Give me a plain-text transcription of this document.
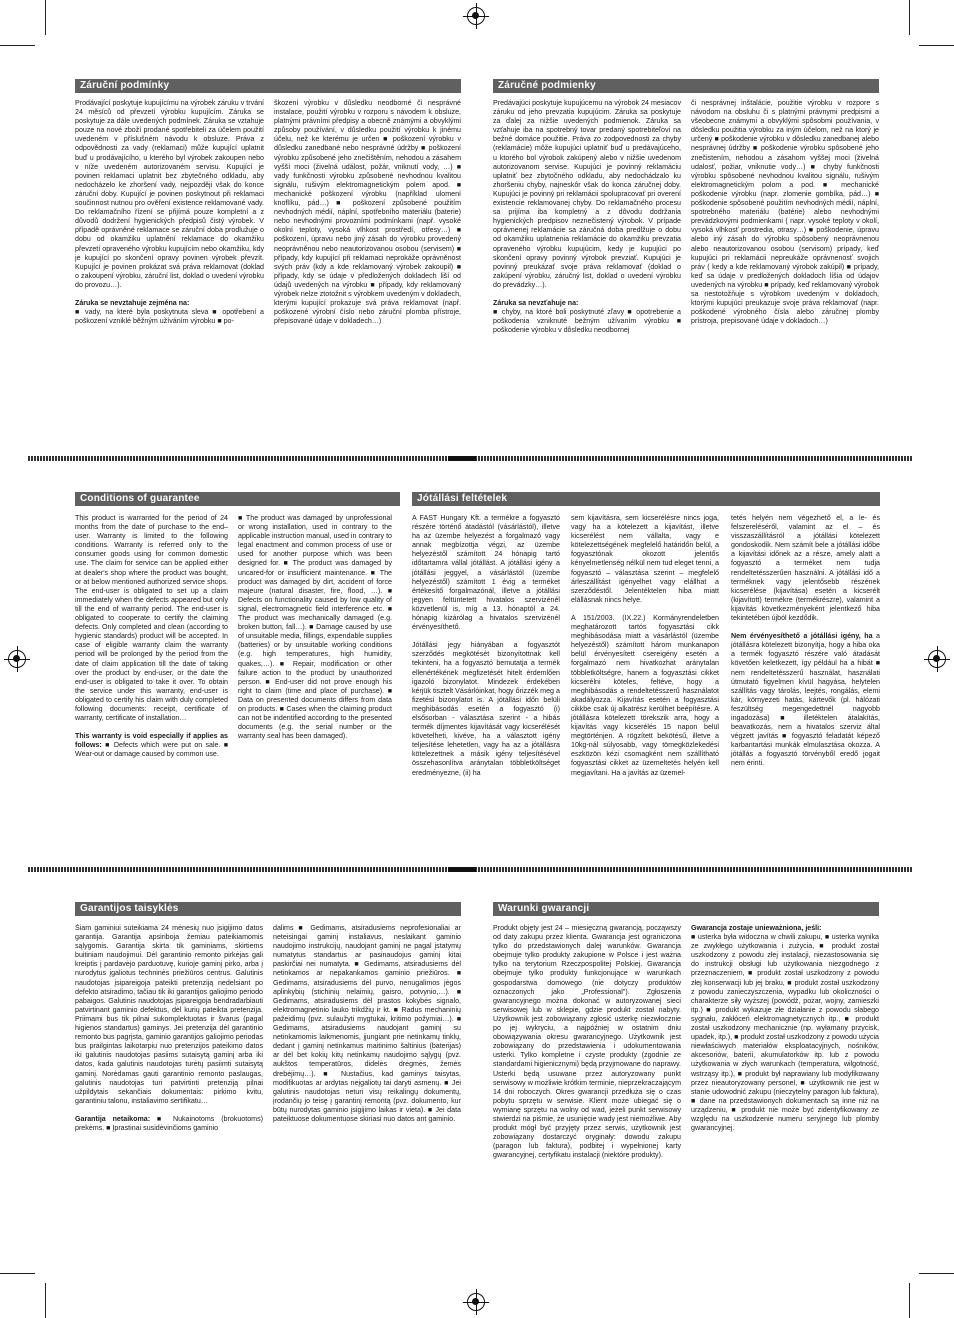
Záruční podmínky

Prodávající poskytuje kupujícímu na výrobek záruku v trvání 24 měsíců od převzetí výrobku kupujícím. Záruka se poskytuje za dále uvedených podmínek. Záruka se vztahuje pouze na nové zboží prodané spotřebiteli za účelem použití uvedeném v příslušném návodu k obsluze. Práva z odpovědnosti za vady (reklamaci) může kupující uplatnit buď u prodávajícího, u kterého byl výrobek zakoupen nebo v níže uvedeném autorizovaném servisu. Kupující je povinen reklamaci uplatnit bez zbytečného odkladu, aby nedocházelo ke zhoršení vady, nejpozději však do konce záruční doby. Kupující je povinen poskytnout při reklamaci součinnost nutnou pro ověření existence reklamované vady. Do reklamačního řízení se přijímá pouze kompletní a z důvodů dodržení hygienických předpisů čistý výrobek. V případě oprávněné reklamace se záruční doba prodlužuje o dobu od okamžiku uplatnění reklamace do okamžiku převzetí opraveného výrobku kupujícím nebo okamžiku, kdy je kupující po skončení opravy povinen výrobek převzít. Kupující je povinen prokázat svá práva reklamovat (doklad o zakoupení výrobku, záruční list, doklad o uvedení výrobku do provozu…).

Záruka se nevztahuje zejména na:
■ vady, na které byla poskytnuta sleva ■ opotřebení a poškození vzniklé běžným užíváním výrobku ■ po-

škození výrobku v důsledku neodborné či nesprávné instalace, použití výrobku v rozporu s návodem k obsluze, platnými právními předpisy a obecně známými a obvyklými způsoby používání, v důsledku použití výrobku k jinému účelu, než ke kterému je určen ■ poškození výrobku v důsledku zanedbané nebo nesprávné údržby ■ poškození výrobku způsobené jeho znečištěním, nehodou a zásahem vyšší moci (živelná událost, požár, vniknutí vody, …) ■ vady funkčnosti výrobku způsobené nevhodnou kvalitou signálu, rušivým elektromagnetickým polem apod. ■ mechanické poškození výrobku (například ulomení knoflíku, pád…) ■ poškození způsobené použitím nevhodných médií, náplní, spotřebního materiálu (baterie) nebo nevhodnými provozními podmínkami (např. vysoké okolní teploty, vysoká vlhkost prostředí, otřesy…) ■ poškození, úpravu nebo jiný zásah do výrobku provedený neoprávněnou nebo neautorizovanou osobou (servisem) ■ případy, kdy kupující při reklamaci neprokáže oprávněnost svých práv (kdy a kde reklamovaný výrobek zakoupil) ■ případy, kdy se údaje v předložených dokladech liší od údajů uvedených na výrobku ■ případy, kdy reklamovaný výrobek nelze ztotožnit s výrobkem uvedeným v dokladech, kterými kupující prokazuje svá práva reklamovat (např. poškozené výrobní číslo nebo záruční plomba přístroje, přepisované údaje v dokladech…)

Záručné podmienky

Predávajúci poskytuje kupujúcemu na výrobok 24 mesiacov záruku od jeho prevzatia kupujúcim. Záruka sa poskytuje za ďalej za nižšie uvedených podmienok. Záruka sa vzťahuje iba na spotrebný tovar predaný spotrebiteľovi na bežné domáce použitie. Práva zo zodpovednosti za chyby (reklamácie) môže kupujúci uplatniť buď u predávajúceho, u ktorého bol výrobok zakúpený alebo v nižšie uvedenom autorizovanom servise. Kupujúci je povinný reklamáciu uplatniť bez zbytočného odkladu, aby nedochádzalo ku zhoršeniu chyby, najneskôr však do konca záručnej doby. Kupujúci je povinný pri reklamácii spolupracovať pri overení existencie reklamovanej chyby. Do reklamačného procesu sa prijíma iba kompletný a z dôvodu dodržania hygienických predpisov neznečistený výrobok. V prípade oprávnenej reklamácie sa záručná doba predlžuje o dobu od okamžiku uplatnenia reklamácie do okamžiku prevzatia opraveného výrobku kupujúcim, kedy je kupujúci po skončení opravy povinný výrobok prevziať. Kupujúci je povinný preukázať svoje práva reklamovať (doklad o zakúpení výrobku, záručný list, doklad o uvedení výrobku do prevádzky…).

Záruka sa nevzťahuje na:
■ chyby, na ktoré boli poskytnuté zľavy ■ opotrebenie a poškodenia vzniknuté bežným užívaním výrobku ■ poškodenie výrobku v dôsledku neodbornej

či nesprávnej inštalácie, použitie výrobku v rozpore s návodom na obsluhu či s platnými právnymi predpismi a všeobecne známymi a obvyklými spôsobmi používania, v dôsledku použitia výrobku za iným účelom, než na ktorý je určený ■ poškodenie výrobku v dôsledku zanedbanej alebo nesprávnej údržby ■ poškodenie výrobku spôsobené jeho znečistením, nehodou a zásahom vyššej moci (živelná udalosť, požiar, vniknutie vody…) ■ chyby funkčnosti výrobku spôsobené nevhodnou kvalitou signálu, rušivým elektromagnetickým polom a pod. ■ mechanické poškodenie výrobku (napr. zlomenie gombíka, pád…) ■ poškodenie spôsobené použitím nevhodných médií, náplní, spotrebného materiálu (batérie) alebo nevhodnými prevádzkovými podmienkami ( napr. vysoké teploty v okolí, vysoká vlhkosť prostredia, otrasy…) ■ poškodenie, úpravu alebo iný zásah do výrobku spôsobený neoprávnenou alebo neautorizovanou osobou (servisom) prípady, keď kupujúci pri reklamácii nepreukáže oprávnenosť svojich práv ( kedy a kde reklamovaný výrobok zakúpil) ■ prípady, keď sa údaje v predložených dokladoch líšia od údajov uvedených na výrobku ■ prípady, keď reklamovaný výrobok sa nestotožňuje s výrobkom uvedeným v dokladoch, ktorými kupujúci preukazuje svoje práva reklamovať (napr. poškodené výrobného čísla alebo záručnej plomby prístroja, prepisované údaje v dokladoch…)

Conditions of guarantee

This product is warranted for the period of 24 months from the date of purchase to the end–user. Warranty is limited to the following conditions. Warranty is referred only to the consumer goods using for common domestic use. The claim for service can be applied either at dealer's shop where the product was bought, or at below mentioned authorized service shops. The end-user is obligated to set up a claim immediately when the defects appeared but only till the end of warranty period. The end-user is obligated to cooperate to certify the claiming defects. Only completed and clean (according to hygienic standards) product will be accepted. In case of eligible warranty claim the warranty period will be prolonged by the period from the date of claim application till the date of taking over the product by end-user, or the date the end-user is obligated to take it over. To obtain the service under this warranty, end-user is obligated to certify his claim with duly completed following documents: receipt, certificate of warranty, certificate of installation…

This warranty is void especially if applies as follows: ■ Defects which were put on sale. ■ Wear-out or damage caused by common use.

■ The product was damaged by unprofessional or wrong installation, used in contrary to the applicable instruction manual, used in contrary to legal enactment and common process of use or used for another purpose which was been designed for. ■ The product was damaged by uncared-for or insufficient maintenance. ■ The product was damaged by dirt, accident of force majeure (natural disaster, fire, flood, …). ■ Defects on functionality caused by low quality of signal, electromagnetic field interference etc. ■ The product was mechanically damaged (e.g. broken button, fall…). ■ Damage caused by use of unsuitable media, fillings, expendable supplies (batteries) or by unsuitable working conditions (e.g. high temperatures, high humidity, quakes,…). ■ Repair, modification or other failure action to the product by unauthorized person. ■ End-user did not prove enough his right to claim (time and place of purchase). ■ Data on presented documents differs from data on products. ■ Cases when the claiming product can not be indentified according to the presented documents (e.g. the serial number or the warranty seal has been damaged).

Jótállási feltételek

A FAST Hungary Kft. a termékre a fogyasztó részére történő átadástól (vásárlástól), illetve ha az üzembe helyezést a forgalmazó vagy annak megbízottja végzi, az üzembe helyezéstől számított 24 hónapig tartó időtartamra vállal jótállást. A jótállási igény a jótállási jeggyel, a vásárlástól (üzembe helyezéstől) számított 1 évig a terméket értékesítő forgalmazónál, illetve a jótállási jegyen feltüntetett hivatalos szervizénél közvetlenül is, míg a 13. hónaptól a 24. hónapig kizárólag a hivatalos szervizénél érvényesíthető.

Jótállási jegy hiányában a fogyasztót szerződés megkötését bizonyítottnak kell tekinteni, ha a fogyasztó bemutatja a termék ellenértékének megfizetését hitelt érdemlően igazoló bizonylatot. Mindezek érdekében kérjük tisztelt Vásárlóinkat, hogy őrizzék meg a fizetési bizonylatot is. A jótállási időn belüli meghibásodás esetén a fogyasztó (i) elsősorban - választása szerint - a hibás termék díjmentes kijavítását vagy kicserélését követelheti, kivéve, ha a választott igény teljesítése lehetetlen, vagy ha az a jótállásra kötelezettnek a másik igény teljesítésével összehasonlítva aránytalan többletköltséget eredményezne, (ii) ha

sem kijavításra, sem kicserélésre nincs joga, vagy ha a kötelezett a kijavítást, illetve kicserélést nem vállalta, vagy e kötelezettségének megfelelő határidőn belül, a fogyasztónak okozott jelentős kényelmetlenség nélkül nem tud eleget tenni, a fogyasztó – választása szerint – megfelelő árleszállítást igényelhet vagy elállhat a szerződéstől. Jelentéktelen hiba miatt elállásnak nincs helye.

A 151/2003. (IX.22.) Kormányrendeletben meghatározott tartós fogyasztási cikk meghibásodása miatt a vásárlástól (üzembe helyezéstől) számított három munkanapon belül érvényesített csereigény esetén a forgalmazó nem hivatkozhat aránytalan többletköltségre, hanem a fogyasztási cikket kicserélni köteles, feltéve, hogy a meghibásodás a rendeltetésszerű használatot akadályozza. Kijavítás esetén a fogyasztási cikkbe csak új alkatrész kerülhet beépítésre. A jótállásra kötelezett törekszik arra, hogy a kijavítás vagy kicserélés 15 napon belül megtörténjen. A rögzített bekötésű, illetve a 10kg-nál súlyosabb, vagy tömegközlekedési eszközön kézi csomagként nem szállítható fogyasztási cikket az üzemeltetés helyén kell megjavítani. Ha a javítás az üzemel-

tetés helyén nem végezhető el, a le- és felszereléséről, valamint az el – és visszaszállításról a jótállási kötelezett gondoskodik. Nem számít bele a jótállási időbe a kijavítási időnek az a része, amely alatt a fogyasztó a terméket nem tudja rendeltetésszerűen használni. A jótállási idő a terméknek vagy jelentősebb részének kicserélése (kijavítása) esetén a kicserélt (kijavított) termékre (termékrészre), valamint a kijavítás következményeként jelentkező hiba tekintetében újból kezdődik.

Nem érvényesíthető a jótállási igény, ha a jótállásra kötelezett bizonyítja, hogy a hiba oka a termék fogyasztó részére való átadását követően keletkezett, így például ha a hibát ■ nem rendeltetésszerű használat, használati útmutató figyelmen kívül hagyása, helytelen szállítás vagy tárolás, leejtés, rongálás, elemi kár, környezeti hatás, kártevők (pl. hálózati feszültség megengedettnél nagyobb ingadozása) ■ illetéktelen átalakítás, beavatkozás, nem a hivatalos szerviz által végzett javítás ■ fogyasztó feladatát képező karbantartási munkák elmulasztása okozza. A jótállás a fogyasztó törvényből eredő jogait nem érinti.
Garantijos taisyklės

Šiam gaminiui suteikiama 24 mėnesių nuo įsigijimo datos garantija. Garantija apsiriboja žemiau pateikiamomis sąlygomis. Garantija skirta tik gaminiams, skirtiems buitiniam naudojimui. Dėl garantinio remonto pirkėjas gali kreiptis į pardavėjo parduotuvę, kurioje gaminį pirko, arba į nurodytus įgaliotus techninės priežiūros centrus. Galutinis naudotojas įsipareigoja pateikti pretenziją nedelsiant po defekto atsiradimo, tačiau tik iki garantijos galiojimo periodo pabaigos. Galutinis naudotojas įsipareigoja bendradarbiauti patvirtinant gaminio defektus, dėl kurių pateikta pretenzija. Priimami bus tik pilnai sukomplektuotas ir švarus (pagal higienos standartus) gaminys. Jei pretenzija dėl garantinio remonto bus pagrįsta, gaminio garantijos galiojimo periodas bus prailgintas laikotarpiu nuo pretenzijos pateikimo datos iki galutinis naudotojas pasiims sutaisytą gaminį arba iki datos, kada galutinis naudotojas turėtų pasiimti sutaisytą gaminį. Norėdamas gauti garantinio remonto paslaugas, galutinis naudotojas turi patvirtinti pretenziją pilnai užpildytais sekančiais dokumentais: pirkimo kvitu, garantiniu talonu, instaliavimo sertifikatu…

Garantija netaikoma: ■ Nukainotoms (brokuotoms) prekėms. ■ Įprastinai susidėvinčioms gaminio

dalims ■ Gedimams, atsiradusiems neprofesionaliai ar neteisingai gaminį instaliavus, neslaikant gaminio naudojimo instrukcijų, naudojant gaminį ne pagal įstatymų numatytus standartus ar pasinaudojus gaminį kitai paskirčiai nei numatyta. ■ Gedimams, atsiradusiems dėl netinkamos ar nepakankamos gaminio priežiūros. ■ Gedimams, atsiradusiems dėl purvo, nenugalimos jėgos aplinkybių (stichinių nelaimių, gaisro, potvynio,…). ■ Gedimams, atsiradusiems dėl prastos kokybės signalo, elektromagnetinio lauko trikdžių ir kt. ■ Radus mechaninių pažeidimų (pvz. sulaužyti mygtukai, kritimo požymiai…). ■ Gedimams, atsiradusiems naudojant gaminį su netinkamomis laikmenomis, įjungiant prie netinkamų tinklų, dedant į gaminį netinkamus maitinimo šaltinius (baterijas) ar dėl bet kokių kitų netinkamų naudojimo sąlygų (pvz. aukštos temperatūros, didelės drėgmės, žemės drebėjimų…). ■ Nustačius, kad gaminys taisytas, modifikuotas ar ardytas neįgaliotų tai daryti asmenų. ■ Jei galutinis naudotojas neturi visų reikalingų dokumentų, įrodančių jo teisę į garantinį remontą (pvz. dokumento, kur būtų nurodytas gaminio įsigijimo laikas ir vieta). ■ Jei data pateiktuose dokumentuose skiriasi nuo datos ant gaminio.

Warunki gwarancji

Produkt objęty jest 24 – miesięczną gwarancją, począwszy od daty zakupu przez klienta. Gwarancja jest ograniczona tylko do przedstawionych dalej warunków. Gwarancja obejmuje tylko produkty zakupione w Polsce i jest ważna tylko na terytorium Rzeczpospolitej Polskiej. Gwarancja obejmuje tylko produkty funkcjonujące w warunkach gospodarstwa domowego (nie dotyczy produktów oznaczonych jako „Professional"). Zgłoszenia gwarancyjnego można dokonać w autoryzowanej sieci serwisowej lub w sklepie, gdzie produkt został nabyty. Użytkownik jest zobowiązany zgłosić usterkę niezwłocznie po jej wykryciu, a najpóźniej w ostatnim dniu obowiązywania okresu gwarancyjnego. Użytkownik jest zobowiązany do przedstawienia i udokumentowania usterki. Tylko kompletne i czyste produkty (zgodnie ze standardami higienicznymi) będą przyjmowane do naprawy. Usterki będą usuwane przez autoryzowany punkt serwisowy w możliwie krótkim terminie, nieprzekraczającym 14 dni roboczych. Okres gwarancji przedłuża się o czas pobytu sprzętu w serwisie. Klient może ubiegać się o wymianę sprzętu na wolny od wad, jeżeli punkt serwisowy stwierdzi na piśmie, że usunięcie wady jest niemożliwe. Aby produkt mógł być przyjęty przez serwis, użytkownik jest zobowiązany dostarczyć oryginały: dowodu zakupu (paragon lub faktura), podbitej i wypełnionej karty gwarancyjnej, certyfikatu instalacji (niektóre produkty).

Gwarancja zostaje unieważniona, jeśli:
■ usterka była widoczna w chwili zakupu, ■ usterka wynika ze zwykłego użytkowania i zużycia, ■ produkt został uszkodzony z powodu złej instalacji, niezastosowania się do instrukcji obsługi lub użytkowania niezgodnego z przeznaczeniem, ■ produkt został uszkodzony z powodu złej konserwacji lub jej braku, ■ produkt został uszkodzony z powodu zanieczyszczenia, wypadku lub okoliczności o charakterze siły wyższej (powódź, pożar, wojny, zamieszki itp.) ■ produkt wykazuje złe działanie z powodu słabego sygnału, zakłóceń elektromagnetycznych itp., ■ produkt został uszkodzony mechanicznie (np. wyłamany przycisk, upadek, itp.), ■ produkt został uszkodzony z powodu użycia niewłaściwych materiałów eksploatacyjnych, nośników, akcesoriów, baterii, akumulatorków itp. lub z powodu użytkowania w złych warunkach (temperatura, wilgotność, wstrząsy itp.), ■ produkt był naprawiany lub modyfikowany przez nieautoryzowany personel, ■ użytkownik nie jest w stanie udowodnić zakupu (nieczytelny paragon lub faktura), ■ dane na przedstawionych dokumentach są inne niż na urządzeniu, ■ produkt nie może być zidentyfikowany ze względu na uszkodzenie numeru seryjnego lub plomby gwarancyjnej.
